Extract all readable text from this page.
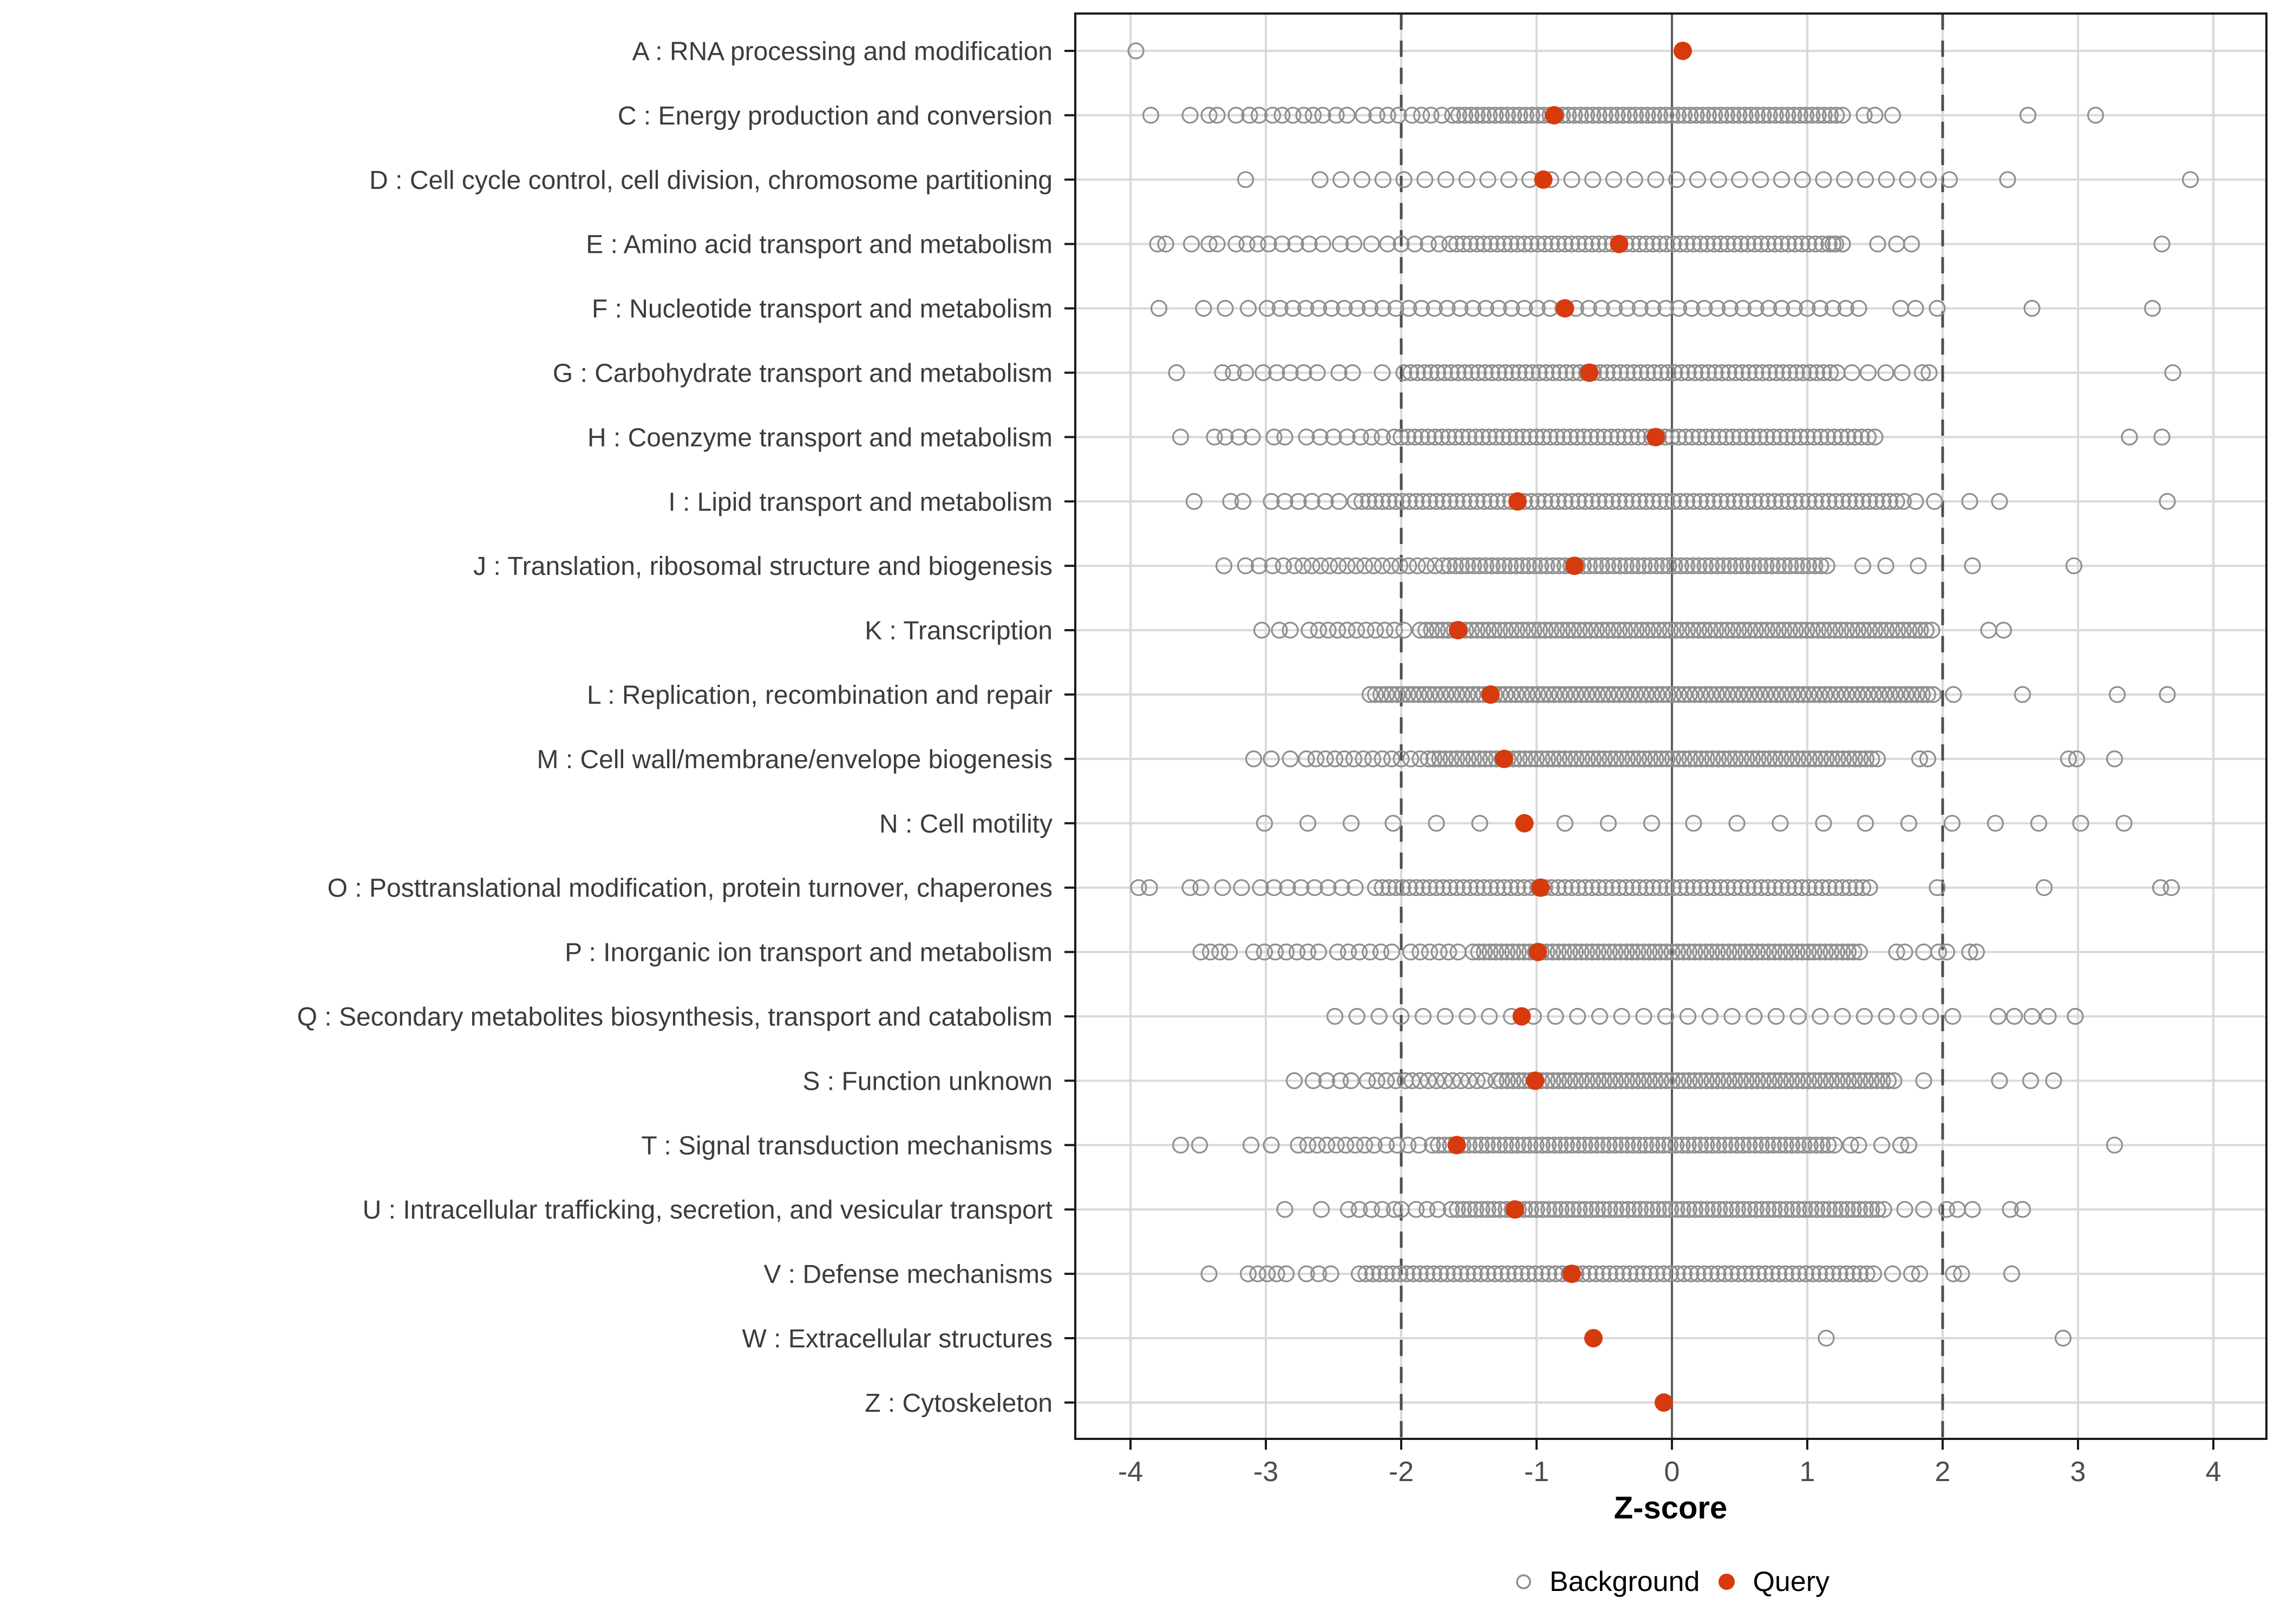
-4	-3	-2	-1	0	1	2	3	4
A : RNA processing and modification
C : Energy production and conversion
D : Cell cycle control, cell division, chromosome partitioning
E : Amino acid transport and metabolism
F : Nucleotide transport and metabolism
G : Carbohydrate transport and metabolism
H : Coenzyme transport and metabolism
I : Lipid transport and metabolism
J : Translation, ribosomal structure and biogenesis
K : Transcription
L : Replication, recombination and repair
M : Cell wall/membrane/envelope biogenesis
N : Cell motility
O : Posttranslational modification, protein turnover, chaperones
P : Inorganic ion transport and metabolism
Q : Secondary metabolites biosynthesis, transport and catabolism
S : Function unknown
T : Signal transduction mechanisms
U : Intracellular trafficking, secretion, and vesicular transport
V : Defense mechanisms
W : Extracellular structures
Z : Cytoskeleton
Z-score
Background Query
